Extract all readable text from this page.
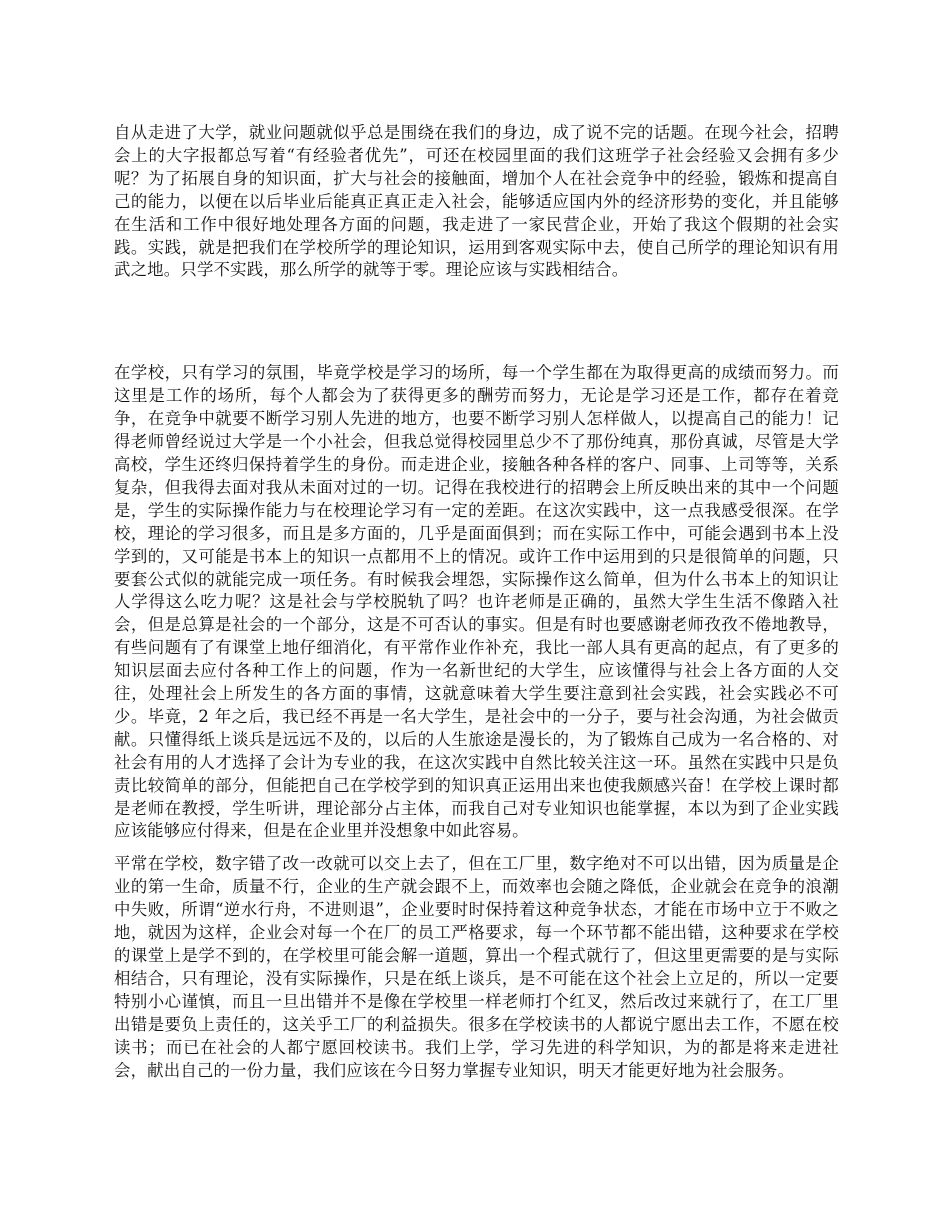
自从走进了大学，就业问题就似乎总是围绕在我们的身边，成了说不完的话题。在现今社会，招聘会上的大字报都总写着“有经验者优先”，可还在校园里面的我们这班学子社会经验又会拥有多少呢？为了拓展自身的知识面，扩大与社会的接触面，增加个人在社会竞争中的经验，锻炼和提高自己的能力，以便在以后毕业后能真正真正走入社会，能够适应国内外的经济形势的变化，并且能够在生活和工作中很好地处理各方面的问题，我走进了一家民营企业，开始了我这个假期的社会实践。实践，就是把我们在学校所学的理论知识，运用到客观实际中去，使自己所学的理论知识有用武之地。只学不实践，那么所学的就等于零。理论应该与实践相结合。

在学校，只有学习的氛围，毕竟学校是学习的场所，每一个学生都在为取得更高的成绩而努力。而这里是工作的场所，每个人都会为了获得更多的酬劳而努力，无论是学习还是工作，都存在着竞争，在竞争中就要不断学习别人先进的地方，也要不断学习别人怎样做人，以提高自己的能力！记得老师曾经说过大学是一个小社会，但我总觉得校园里总少不了那份纯真，那份真诚，尽管是大学高校，学生还终归保持着学生的身份。而走进企业，接触各种各样的客户、同事、上司等等，关系复杂，但我得去面对我从未面对过的一切。记得在我校进行的招聘会上所反映出来的其中一个问题是，学生的实际操作能力与在校理论学习有一定的差距。在这次实践中，这一点我感受很深。在学校，理论的学习很多，而且是多方面的，几乎是面面俱到；而在实际工作中，可能会遇到书本上没学到的，又可能是书本上的知识一点都用不上的情况。或许工作中运用到的只是很简单的问题，只要套公式似的就能完成一项任务。有时候我会埋怨，实际操作这么简单，但为什么书本上的知识让人学得这么吃力呢？这是社会与学校脱轨了吗？也许老师是正确的，虽然大学生生活不像踏入社会，但是总算是社会的一个部分，这是不可否认的事实。但是有时也要感谢老师孜孜不倦地教导，有些问题有了有课堂上地仔细消化，有平常作业作补充，我比一部人具有更高的起点，有了更多的知识层面去应付各种工作上的问题，作为一名新世纪的大学生，应该懂得与社会上各方面的人交往，处理社会上所发生的各方面的事情，这就意味着大学生要注意到社会实践，社会实践必不可少。毕竟，2 年之后，我已经不再是一名大学生，是社会中的一分子，要与社会沟通，为社会做贡献。只懂得纸上谈兵是远远不及的，以后的人生旅途是漫长的，为了锻炼自己成为一名合格的、对社会有用的人才选择了会计为专业的我，在这次实践中自然比较关注这一环。虽然在实践中只是负责比较简单的部分，但能把自己在学校学到的知识真正运用出来也使我颇感兴奋！在学校上课时都是老师在教授，学生听讲，理论部分占主体，而我自己对专业知识也能掌握，本以为到了企业实践应该能够应付得来，但是在企业里并没想象中如此容易。

平常在学校，数字错了改一改就可以交上去了，但在工厂里，数字绝对不可以出错，因为质量是企业的第一生命，质量不行，企业的生产就会跟不上，而效率也会随之降低，企业就会在竞争的浪潮中失败，所谓“逆水行舟，不进则退”，企业要时时保持着这种竞争状态，才能在市场中立于不败之地，就因为这样，企业会对每一个在厂的员工严格要求，每一个环节都不能出错，这种要求在学校的课堂上是学不到的，在学校里可能会解一道题，算出一个程式就行了，但这里更需要的是与实际相结合，只有理论，没有实际操作，只是在纸上谈兵，是不可能在这个社会上立足的，所以一定要特别小心谨慎，而且一旦出错并不是像在学校里一样老师打个红叉，然后改过来就行了，在工厂里出错是要负上责任的，这关乎工厂的利益损失。很多在学校读书的人都说宁愿出去工作，不愿在校读书；而已在社会的人都宁愿回校读书。我们上学，学习先进的科学知识，为的都是将来走进社会，献出自己的一份力量，我们应该在今日努力掌握专业知识，明天才能更好地为社会服务。
